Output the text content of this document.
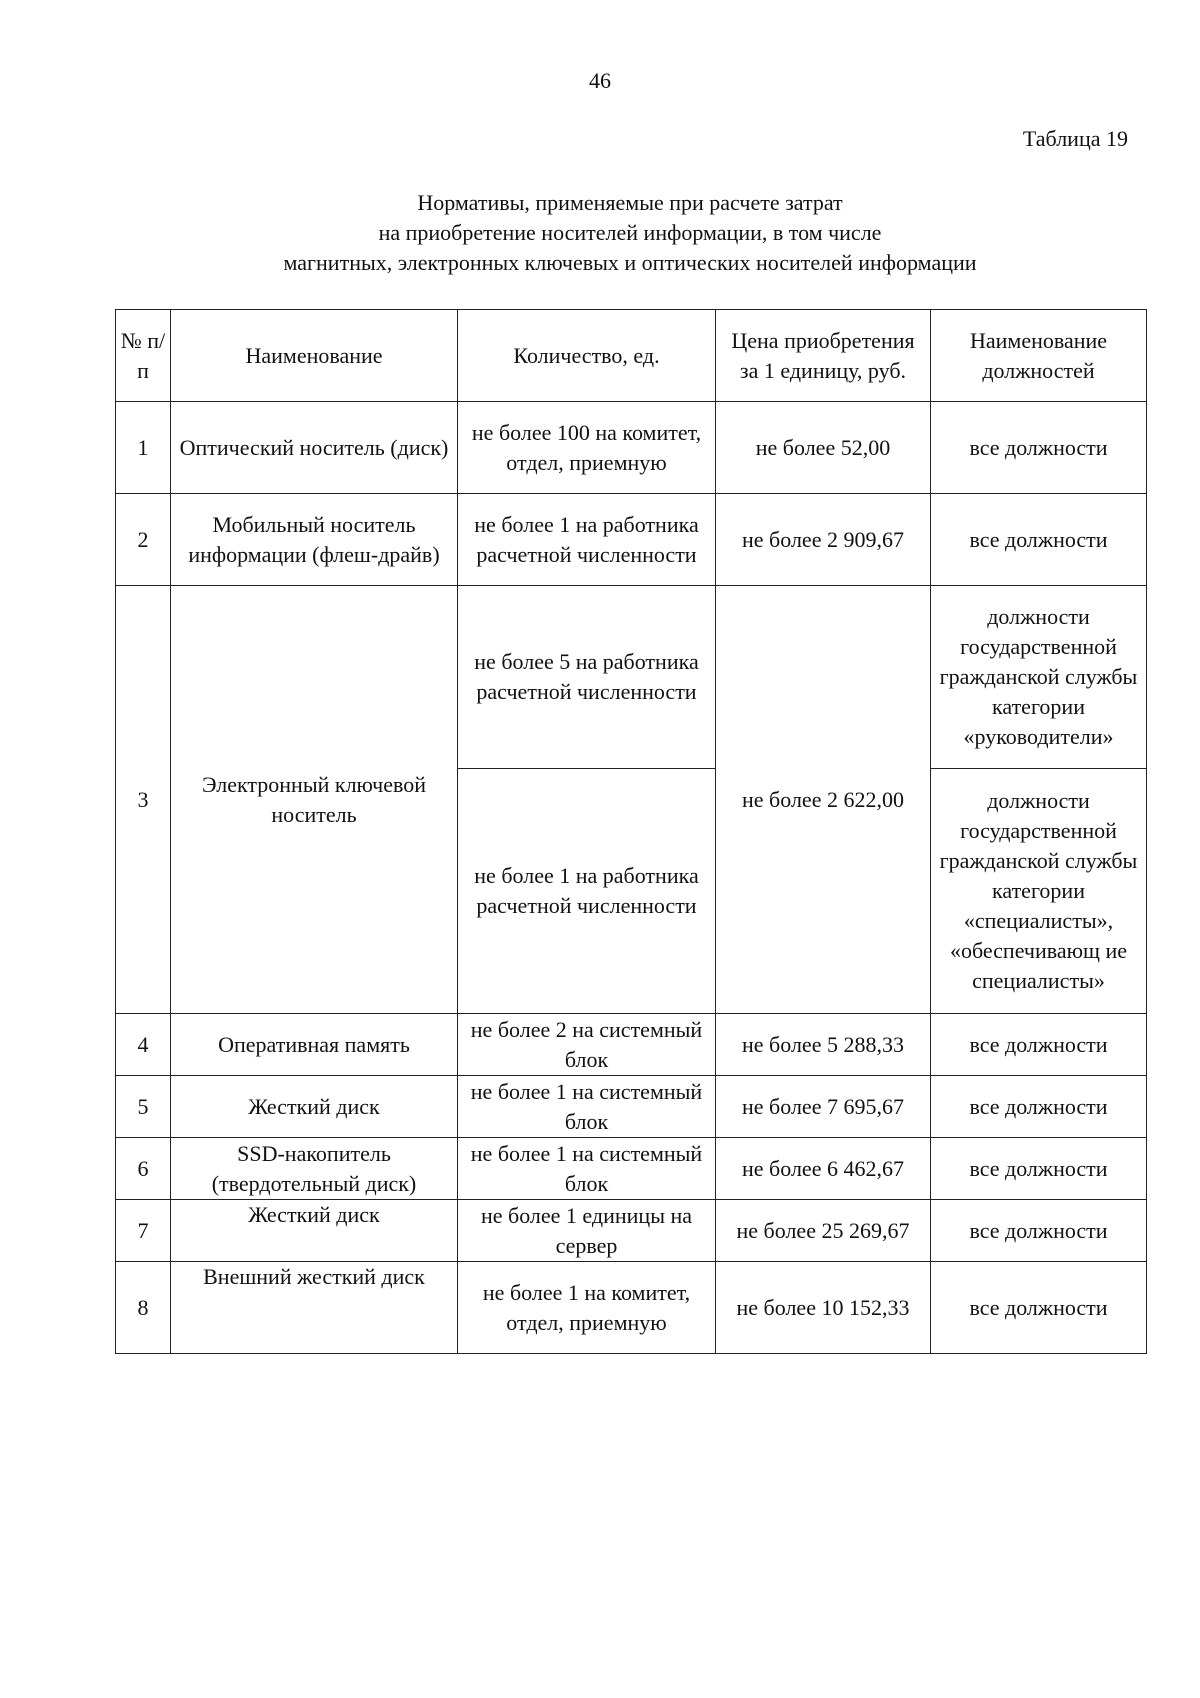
46
Таблица 19
Нормативы, применяемые при расчете затрат
на приобретение носителей информации, в том числе
магнитных, электронных ключевых и оптических носителей информации
№ п/п	Наименование	Количество, ед.	Цена приобретения за 1 единицу, руб.	Наименование должностей
1	Оптический носитель (диск)	не более 100 на комитет, отдел, приемную	не более 52,00	все должности
2	Мобильный носитель информации (флеш-драйв)	не более 1 на работника расчетной численности	не более 2 909,67	все должности
3	Электронный ключевой носитель	не более 5 на работника расчетной численности	не более 2 622,00	должности государственной гражданской службы категории «руководители»
		не более 1 на работника расчетной численности		должности государственной гражданской службы категории «специалисты», «обеспечивающ ие специалисты»
4	Оперативная память	не более 2 на системный блок	не более 5 288,33	все должности
5	Жесткий диск	не более 1 на системный блок	не более 7 695,67	все должности
6	SSD-накопитель (твердотельный диск)	не более 1 на системный блок	не более 6 462,67	все должности
7	Жесткий диск	не более 1 единицы на сервер	не более 25 269,67	все должности
8	Внешний жесткий диск	не более 1 на комитет, отдел, приемную	не более 10 152,33	все должности
